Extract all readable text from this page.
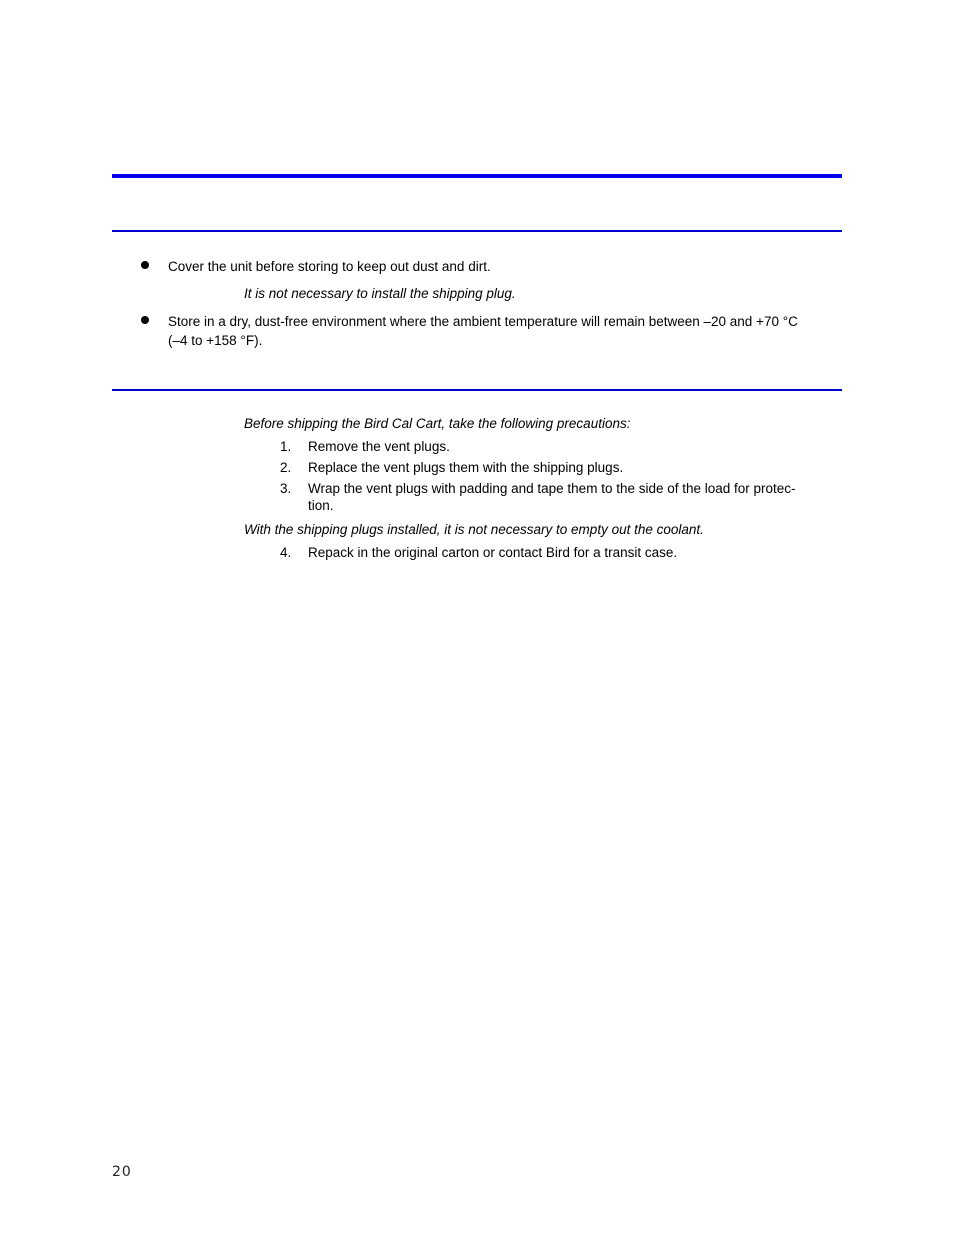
Cover the unit before storing to keep out dust and dirt.
It is not necessary to install the shipping plug.
Store in a dry, dust-free environment where the ambient temperature will remain between –20 and +70 °C
(–4 to +158 °F).
Before shipping the Bird Cal Cart, take the following precautions:
1. Remove the vent plugs.
2. Replace the vent plugs them with the shipping plugs.
3. Wrap the vent plugs with padding and tape them to the side of the load for protec-
tion.
With the shipping plugs installed, it is not necessary to empty out the coolant.
4. Repack in the original carton or contact Bird for a transit case.
20
